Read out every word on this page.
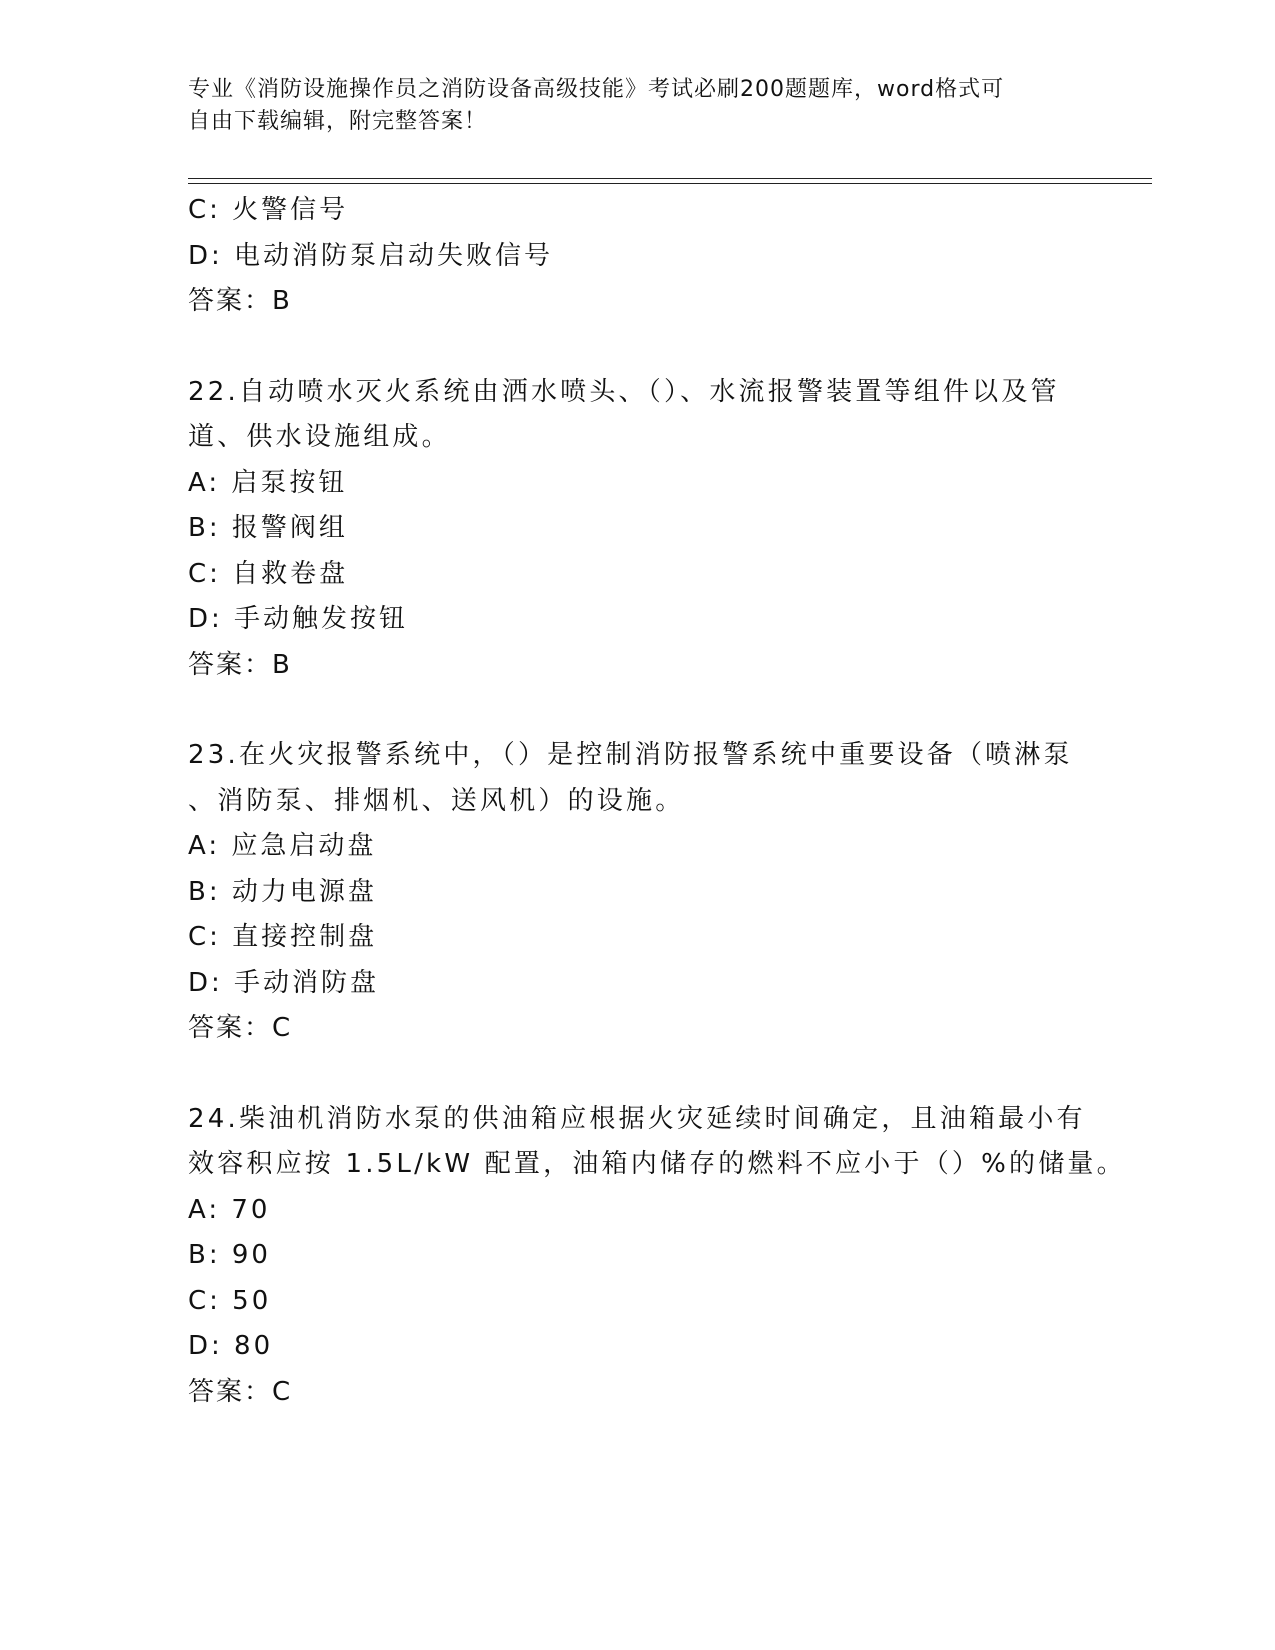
专业《消防设施操作员之消防设备高级技能》考试必刷200题题库，word格式可
自由下载编辑，附完整答案！
C: 火警信号
D: 电动消防泵启动失败信号
答案：B
22.自动喷水灭火系统由洒水喷头、（）、水流报警装置等组件以及管
道、供水设施组成。
A: 启泵按钮
B: 报警阀组
C: 自救卷盘
D: 手动触发按钮
答案：B
23.在火灾报警系统中，（）是控制消防报警系统中重要设备（喷淋泵
、消防泵、排烟机、送风机）的设施。
A: 应急启动盘
B: 动力电源盘
C: 直接控制盘
D: 手动消防盘
答案：C
24.柴油机消防水泵的供油箱应根据火灾延续时间确定，且油箱最小有
效容积应按 1.5L/kW 配置，油箱内储存的燃料不应小于（）%的储量。
A: 70
B: 90
C: 50
D: 80
答案：C
